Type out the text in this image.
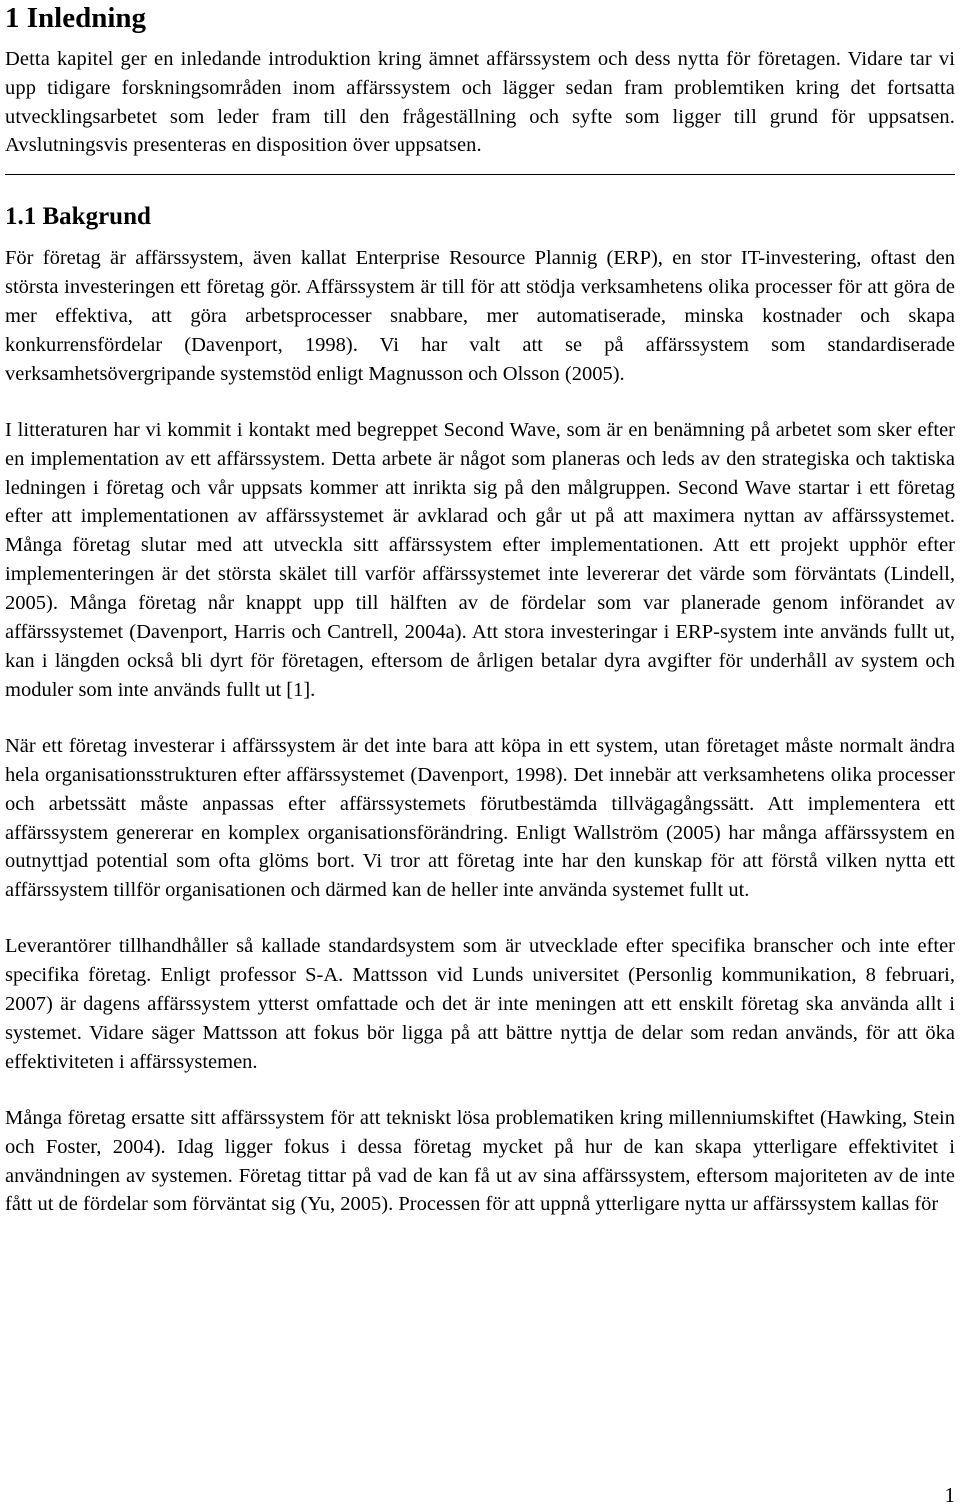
1 Inledning

Detta kapitel ger en inledande introduktion kring ämnet affärssystem och dess nytta för företagen. Vidare tar vi upp tidigare forskningsområden inom affärssystem och lägger sedan fram problemtiken kring det fortsatta utvecklingsarbetet som leder fram till den frågeställning och syfte som ligger till grund för uppsatsen. Avslutningsvis presenteras en disposition över uppsatsen.

1.1 Bakgrund

För företag är affärssystem, även kallat Enterprise Resource Plannig (ERP), en stor IT-investering, oftast den största investeringen ett företag gör. Affärssystem är till för att stödja verksamhetens olika processer för att göra de mer effektiva, att göra arbetsprocesser snabbare, mer automatiserade, minska kostnader och skapa konkurrensfördelar (Davenport, 1998). Vi har valt att se på affärssystem som standardiserade verksamhetsövergripande systemstöd enligt Magnusson och Olsson (2005).

I litteraturen har vi kommit i kontakt med begreppet Second Wave, som är en benämning på arbetet som sker efter en implementation av ett affärssystem. Detta arbete är något som planeras och leds av den strategiska och taktiska ledningen i företag och vår uppsats kommer att inrikta sig på den målgruppen. Second Wave startar i ett företag efter att implementationen av affärssystemet är avklarad och går ut på att maximera nyttan av affärssystemet. Många företag slutar med att utveckla sitt affärssystem efter implementationen. Att ett projekt upphör efter implementeringen är det största skälet till varför affärssystemet inte levererar det värde som förväntats (Lindell, 2005). Många företag når knappt upp till hälften av de fördelar som var planerade genom införandet av affärssystemet (Davenport, Harris och Cantrell, 2004a). Att stora investeringar i ERP-system inte används fullt ut, kan i längden också bli dyrt för företagen, eftersom de årligen betalar dyra avgifter för underhåll av system och moduler som inte används fullt ut [1].

När ett företag investerar i affärssystem är det inte bara att köpa in ett system, utan företaget måste normalt ändra hela organisationsstrukturen efter affärssystemet (Davenport, 1998). Det innebär att verksamhetens olika processer och arbetssätt måste anpassas efter affärssystemets förutbestämda tillvägagångssätt. Att implementera ett affärssystem genererar en komplex organisationsförändring. Enligt Wallström (2005) har många affärssystem en outnyttjad potential som ofta glöms bort. Vi tror att företag inte har den kunskap för att förstå vilken nytta ett affärssystem tillför organisationen och därmed kan de heller inte använda systemet fullt ut.

Leverantörer tillhandhåller så kallade standardsystem som är utvecklade efter specifika branscher och inte efter specifika företag. Enligt professor S-A. Mattsson vid Lunds universitet (Personlig kommunikation, 8 februari, 2007) är dagens affärssystem ytterst omfattade och det är inte meningen att ett enskilt företag ska använda allt i systemet. Vidare säger Mattsson att fokus bör ligga på att bättre nyttja de delar som redan används, för att öka effektiviteten i affärssystemen.

Många företag ersatte sitt affärssystem för att tekniskt lösa problematiken kring millenniumskiftet (Hawking, Stein och Foster, 2004). Idag ligger fokus i dessa företag mycket på hur de kan skapa ytterligare effektivitet i användningen av systemen. Företag tittar på vad de kan få ut av sina affärssystem, eftersom majoriteten av de inte fått ut de fördelar som förväntat sig (Yu, 2005). Processen för att uppnå ytterligare nytta ur affärssystem kallas för

1
